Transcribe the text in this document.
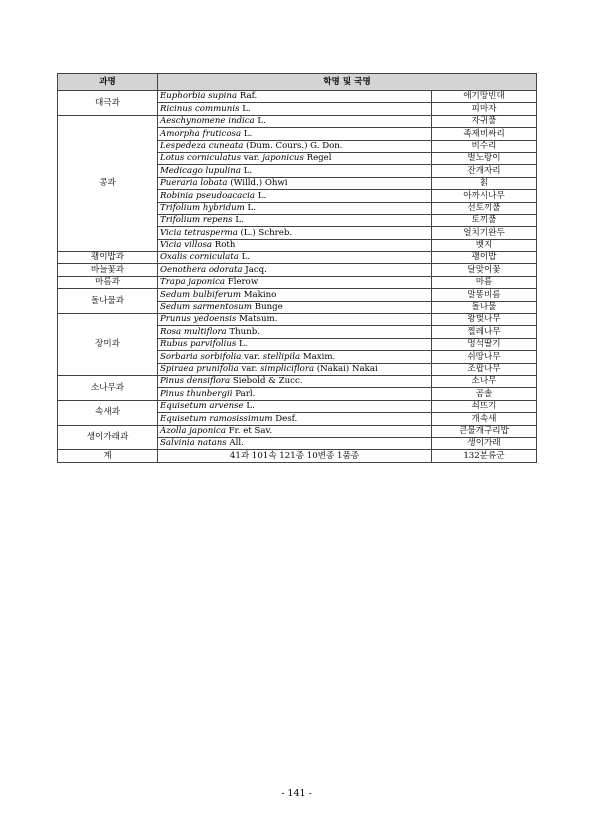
과명	학명 및 국명	
대극과	Euphorbia supina Raf.	애기땅빈대
	Ricinus communis L.	피마자
콩과	Aeschynomene indica L.	자귀풀
	Amorpha fruticosa L.	족제비싸리
	Lespedeza cuneata (Dum. Cours.) G. Don.	비수리
	Lotus corniculatus var. japonicus Regel	벌노랑이
	Medicago lupulina L.	잔개자리
	Pueraria lobata (Willd.) Ohwi	칡
	Robinia pseudoacacia L.	아까시나무
	Trifolium hybridum L.	선토끼풀
	Trifolium repens L.	토끼풀
	Vicia tetrasperma (L.) Schreb.	얼치기완두
	Vicia villosa Roth	벳지
괭이밥과	Oxalis corniculata L.	괭이밥
바늘꽃과	Oenothera odorata Jacq.	달맞이꽃
마름과	Trapa japonica Flerow	마름
돌나물과	Sedum bulbiferum Makino	말똥비름
	Sedum sarmentosum Bunge	돌나물
장미과	Prunus yedoensis Matsum.	왕벚나무
	Rosa multiflora Thunb.	찔레나무
	Rubus parvifolius L.	멍석딸기
	Sorbaria sorbifolia var. stellipila Maxim.	쉬땅나무
	Spiraea prunifolia var. simpliciflora (Nakai) Nakai	조팝나무
소나무과	Pinus densiflora Siebold & Zucc.	소나무
	Pinus thunbergii Parl.	곰솔
속새과	Equisetum arvense L.	쇠뜨기
	Equisetum ramosissimum Desf.	개속새
생이가래과	Azolla japonica Fr. et Sav.	큰물개구리밥
	Salvinia natans All.	생이가래
계	41과 101속 121종 10변종 1품종	132분류군
- 141 -
